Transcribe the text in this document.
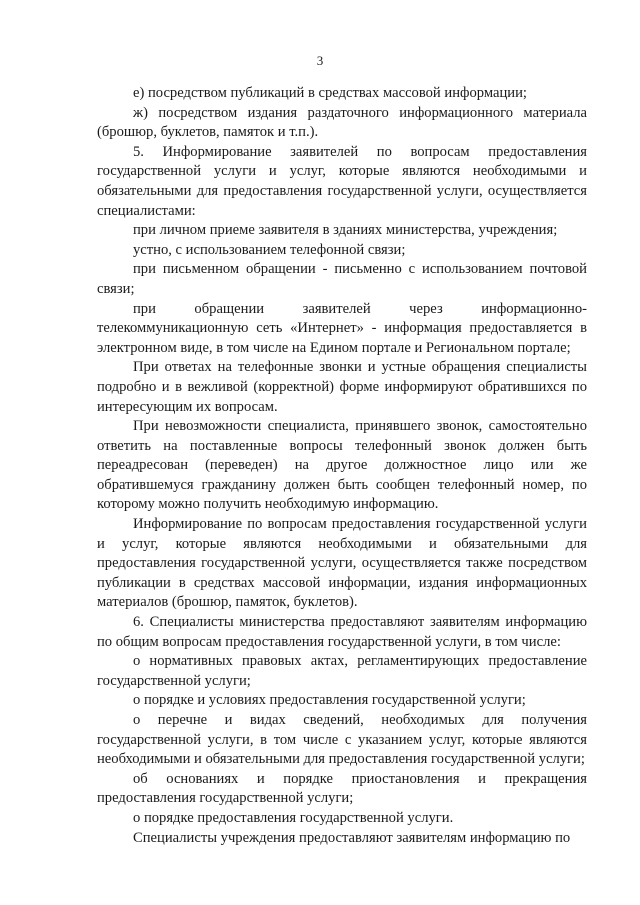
3

е) посредством публикаций в средствах массовой информации;

ж) посредством издания раздаточного информационного материала (брошюр, буклетов, памяток и т.п.).

5. Информирование заявителей по вопросам предоставления государственной услуги и услуг, которые являются необходимыми и обязательными для предоставления государственной услуги, осуществляется специалистами:

при личном приеме заявителя в зданиях министерства, учреждения;

устно, с использованием телефонной связи;

при письменном обращении - письменно с использованием почтовой связи;

при обращении заявителей через информационно-телекоммуникационную сеть «Интернет» - информация предоставляется в электронном виде, в том числе на Едином портале и Региональном портале;

При ответах на телефонные звонки и устные обращения специалисты подробно и в вежливой (корректной) форме информируют обратившихся по интересующим их вопросам.

При невозможности специалиста, принявшего звонок, самостоятельно ответить на поставленные вопросы телефонный звонок должен быть переадресован (переведен) на другое должностное лицо или же обратившемуся гражданину должен быть сообщен телефонный номер, по которому можно получить необходимую информацию.

Информирование по вопросам предоставления государственной услуги и услуг, которые являются необходимыми и обязательными для предоставления государственной услуги, осуществляется также посредством публикации в средствах массовой информации, издания информационных материалов (брошюр, памяток, буклетов).

6. Специалисты министерства предоставляют заявителям информацию по общим вопросам предоставления государственной услуги, в том числе:

о нормативных правовых актах, регламентирующих предоставление государственной услуги;

о порядке и условиях предоставления государственной услуги;

о перечне и видах сведений, необходимых для получения государственной услуги, в том числе с указанием услуг, которые являются необходимыми и обязательными для предоставления государственной услуги;

об основаниях и порядке приостановления и прекращения предоставления государственной услуги;

о порядке предоставления государственной услуги.

Специалисты учреждения предоставляют заявителям информацию по
